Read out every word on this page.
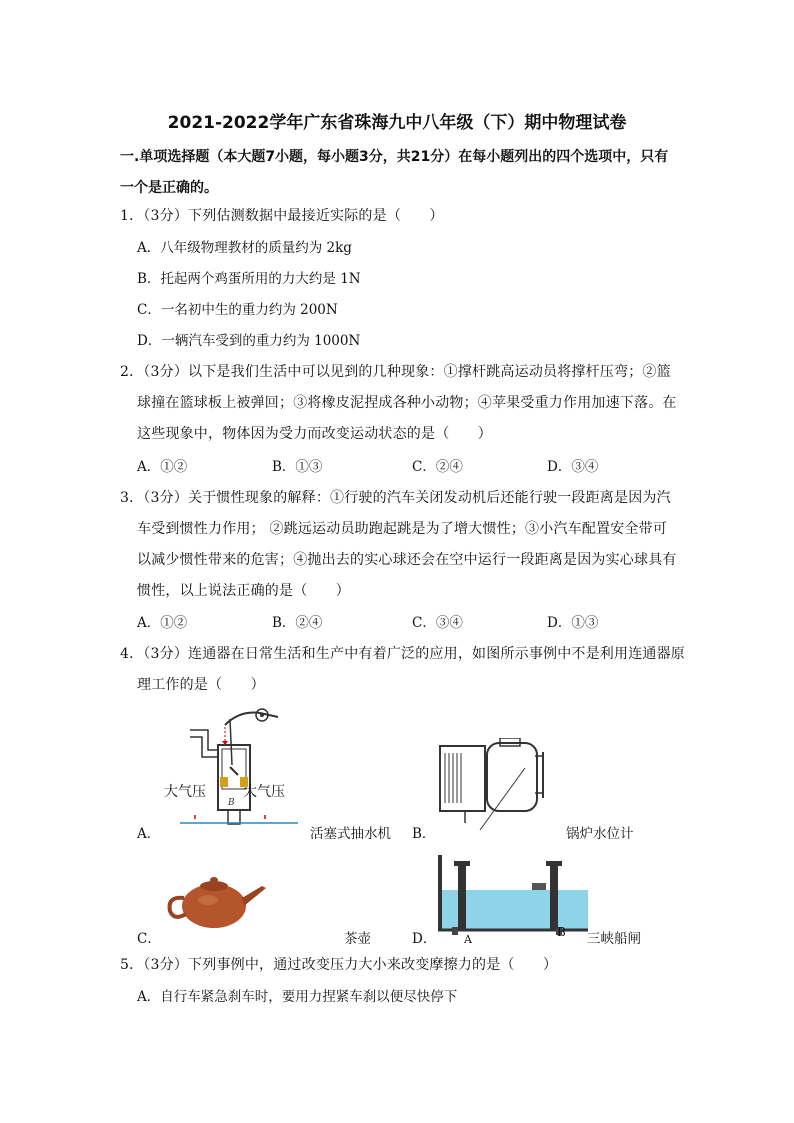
2021-2022学年广东省珠海九中八年级（下）期中物理试卷
一.单项选择题（本大题7小题，每小题3分，共21分）在每小题列出的四个选项中，只有
一个是正确的。
1．（3分）下列估测数据中最接近实际的是（　　）
A．八年级物理教材的质量约为 2kg
B．托起两个鸡蛋所用的力大约是 1N
C．一名初中生的重力约为 200N
D．一辆汽车受到的重力约为 1000N
2．（3分）以下是我们生活中可以见到的几种现象：①撑杆跳高运动员将撑杆压弯；②篮
球撞在篮球板上被弹回；③将橡皮泥捏成各种小动物；④苹果受重力作用加速下落。在
这些现象中，物体因为受力而改变运动状态的是（　　）
A．①②	B．①③	C．②④	D．③④
3．（3分）关于惯性现象的解释：①行驶的汽车关闭发动机后还能行驶一段距离是因为汽
车受到惯性力作用； ②跳远运动员助跑起跳是为了增大惯性；③小汽车配置安全带可
以减少惯性带来的危害；④抛出去的实心球还会在空中运行一段距离是因为实心球具有
惯性，以上说法正确的是（　　）
A．①②	B．②④	C．③④	D．①③
4．（3分）连通器在日常生活和生产中有着广泛的应用，如图所示事例中不是利用连通器原
理工作的是（　　）
B
大气压	大气压
A．	活塞式抽水机 B．	锅炉水位计
C．	茶壶	A
D．	B 三峡船闸
5．（3分）下列事例中，通过改变压力大小来改变摩擦力的是（　　）
A．自行车紧急刹车时，要用力捏紧车刹以便尽快停下
